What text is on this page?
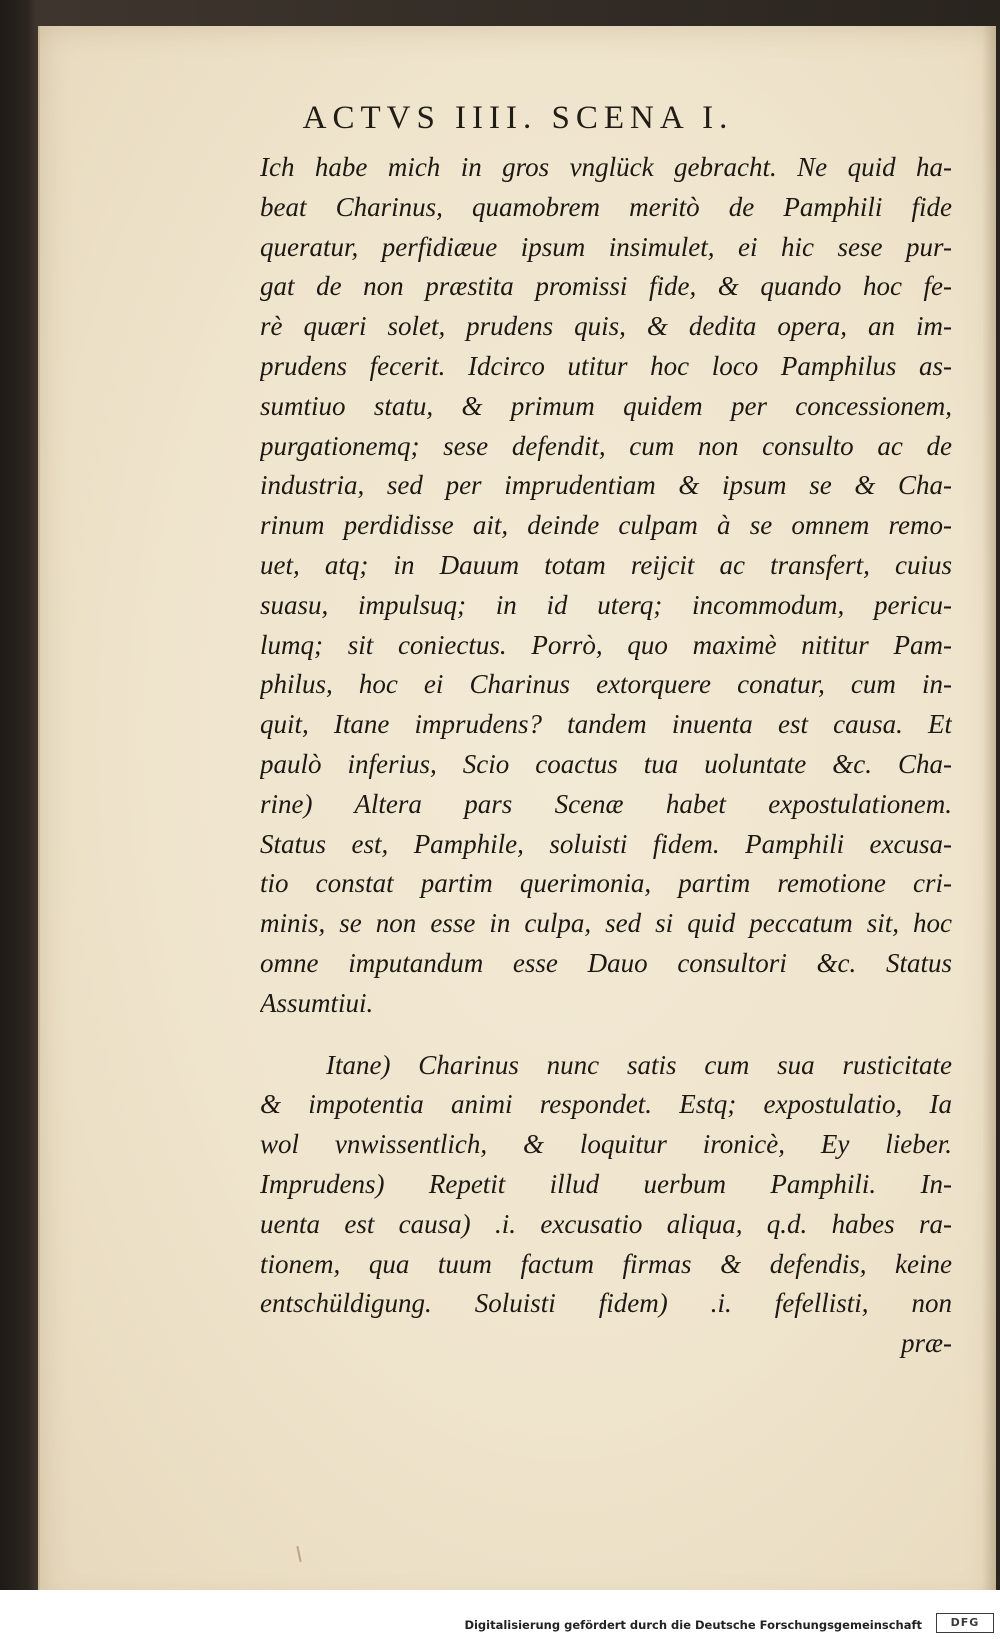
ACTVS IIII. SCENA I.
Ich habe mich in gros vnglück gebracht. Ne quid ha-
beat Charinus, quamobrem meritò de Pamphili fide
queratur, perfidiæue ipsum insimulet, ei hic sese pur-
gat de non præstita promissi fide, & quando hoc fe-
rè quæri solet, prudens quis, & dedita opera, an im-
prudens fecerit. Idcirco utitur hoc loco Pamphilus as-
sumtiuo statu, & primum quidem per concessionem,
purgationemq; sese defendit, cum non consulto ac de
industria, sed per imprudentiam & ipsum se & Cha-
rinum perdidisse ait, deinde culpam à se omnem remo-
uet, atq; in Dauum totam reijcit ac transfert, cuius
suasu, impulsuq; in id uterq; incommodum, pericu-
lumq; sit coniectus. Porrò, quo maximè nititur Pam-
philus, hoc ei Charinus extorquere conatur, cum in-
quit, Itane imprudens? tandem inuenta est causa. Et
paulò inferius, Scio coactus tua uoluntate &c. Cha-
rine) Altera pars Scenæ habet expostulationem.
Status est, Pamphile, soluisti fidem. Pamphili excusa-
tio constat partim querimonia, partim remotione cri-
minis, se non esse in culpa, sed si quid peccatum sit, hoc
omne imputandum esse Dauo consultori &c. Status
Assumtiui.
Itane) Charinus nunc satis cum sua rusticitate
& impotentia animi respondet. Estq; expostulatio, Ia
wol vnwissentlich, & loquitur ironicè, Ey lieber.
Imprudens) Repetit illud uerbum Pamphili. In-
uenta est causa) .i. excusatio aliqua, q.d. habes ra-
tionem, qua tuum factum firmas & defendis, keine
entschüldigung. Soluisti fidem) .i. fefellisti, non
præ-
Digitalisierung gefördert durch die Deutsche Forschungsgemeinschaft	DFG
